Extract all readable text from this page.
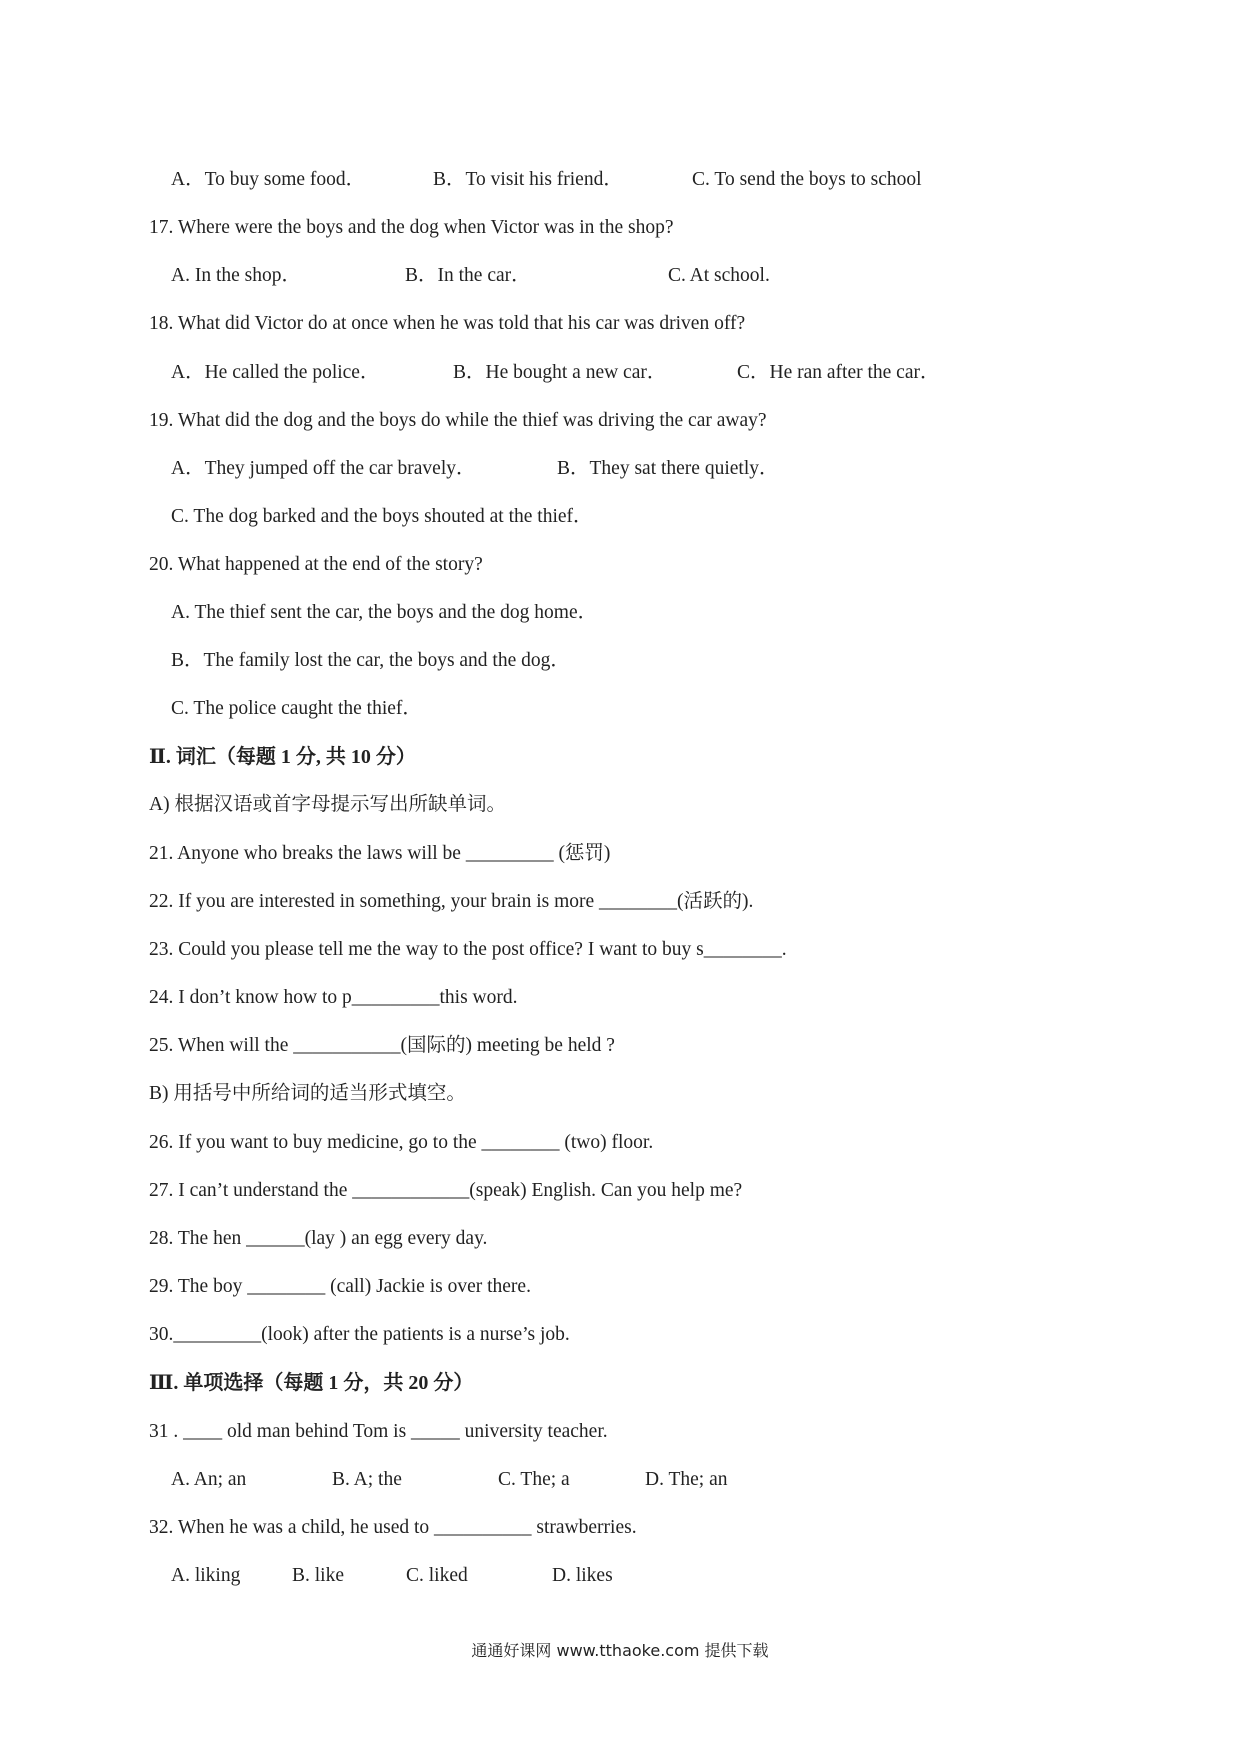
A．To buy some food．	B．To visit his friend．	C. To send the boys to school
17. Where were the boys and the dog when Victor was in the shop?
A. In the shop．	B．In the car．	C. At school.
18. What did Victor do at once when he was told that his car was driven off?
A．He called the police．	B．He bought a new car．	C．He ran after the car．
19. What did the dog and the boys do while the thief was driving the car away?
A．They jumped off the car bravely．	B．They sat there quietly．
C. The dog barked and the boys shouted at the thief．
20. What happened at the end of the story?
A. The thief sent the car, the boys and the dog home．
B．The family lost the car, the boys and the dog．
C. The police caught the thief．
Ⅱ. 词汇（每题 1 分, 共 10 分）
A) 根据汉语或首字母提示写出所缺单词。
21. Anyone who breaks the laws will be _________ (惩罚)
22. If you are interested in something, your brain is more ________(活跃的).
23. Could you please tell me the way to the post office? I want to buy s________.
24. I don’t know how to p_________this word.
25. When will the ___________(国际的) meeting be held ?
B) 用括号中所给词的适当形式填空。
26. If you want to buy medicine, go to the ________ (two) floor.
27. I can’t understand the ____________(speak) English. Can you help me?
28. The hen ______(lay ) an egg every day.
29. The boy ________ (call) Jackie is over there.
30._________(look) after the patients is a nurse’s job.
Ⅲ. 单项选择（每题 1 分，共 20 分）
31 . ____ old man behind Tom is _____ university teacher.
A. An; an	B. A; the	C. The; a	D. The; an
32. When he was a child, he used to __________ strawberries.
A. liking	B. like	C. liked	D. likes
通通好课网 www.tthaoke.com 提供下载
